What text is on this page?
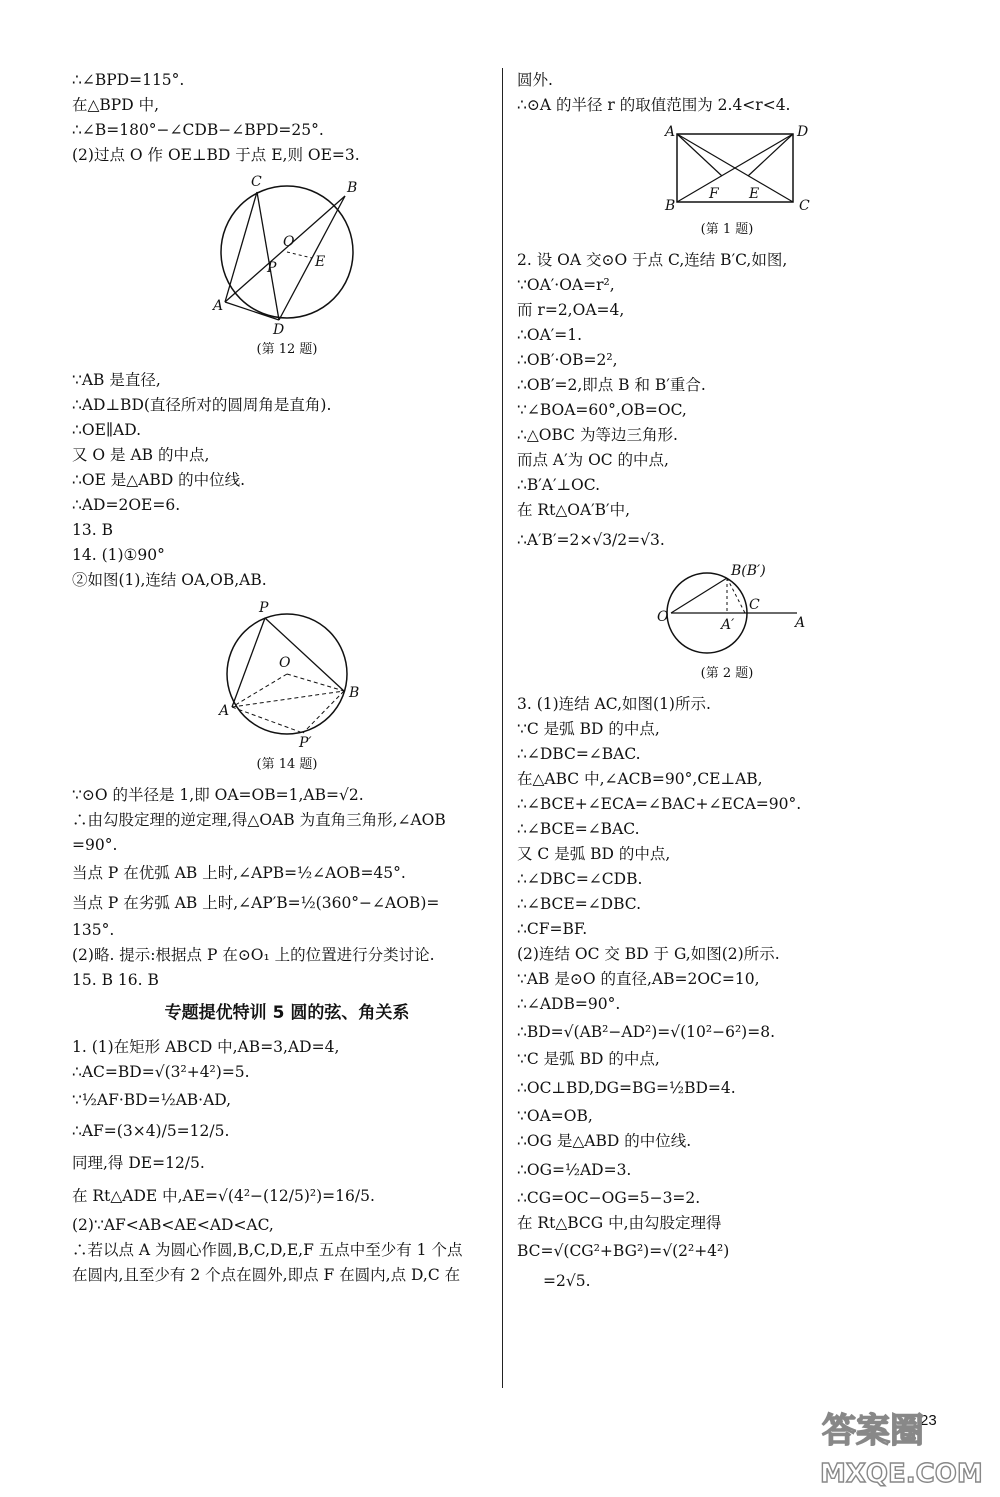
∴∠BPD=115°.
在△BPD 中,
∴∠B=180°−∠CDB−∠BPD=25°.
(2)过点 O 作 OE⊥BD 于点 E,则 OE=3.
C	B
O
P	E
A
D
(第 12 题)
∵AB 是直径,
∴AD⊥BD(直径所对的圆周角是直角).
∴OE∥AD.
又 O 是 AB 的中点,
∴OE 是△ABD 的中位线.
∴AD=2OE=6.
13. B
14. (1)①90°
②如图(1),连结 OA,OB,AB.
P
O
B
A
P′
(第 14 题)
∵⊙O 的半径是 1,即 OA=OB=1,AB=√2.
∴由勾股定理的逆定理,得△OAB 为直角三角形,∠AOB
=90°.
当点 P 在优弧 AB 上时,∠APB=½∠AOB=45°.
当点 P 在劣弧 AB 上时,∠AP′B=½(360°−∠AOB)=
135°.
(2)略. 提示:根据点 P 在⊙O₁ 上的位置进行分类讨论.
15. B 16. B
专题提优特训 5 圆的弦、角关系
1. (1)在矩形 ABCD 中,AB=3,AD=4,
∴AC=BD=√(3²+4²)=5.
∵½AF·BD=½AB·AD,
∴AF=(3×4)/5=12/5.
同理,得 DE=12/5.
在 Rt△ADE 中,AE=√(4²−(12/5)²)=16/5.
(2)∵AF<AB<AE<AD<AC,
∴若以点 A 为圆心作圆,B,C,D,E,F 五点中至少有 1 个点
在圆内,且至少有 2 个点在圆外,即点 F 在圆内,点 D,C 在
圆外.
∴⊙A 的半径 r 的取值范围为 2.4<r<4.
A	D
B
F E
C
(第 1 题)
2. 设 OA 交⊙O 于点 C,连结 B′C,如图,
∵OA′·OA=r²,
而 r=2,OA=4,
∴OA′=1.
∴OB′·OB=2²,
∴OB′=2,即点 B 和 B′重合.
∵∠BOA=60°,OB=OC,
∴△OBC 为等边三角形.
而点 A′为 OC 的中点,
∴B′A′⊥OC.
在 Rt△OA′B′中,
∴A′B′=2×√3/2=√3.
B(B′)
O
C
A′	A
(第 2 题)
3. (1)连结 AC,如图(1)所示.
∵C 是弧 BD 的中点,
∴∠DBC=∠BAC.
在△ABC 中,∠ACB=90°,CE⊥AB,
∴∠BCE+∠ECA=∠BAC+∠ECA=90°.
∴∠BCE=∠BAC.
又 C 是弧 BD 的中点,
∴∠DBC=∠CDB.
∴∠BCE=∠DBC.
∴CF=BF.
(2)连结 OC 交 BD 于 G,如图(2)所示.
∵AB 是⊙O 的直径,AB=2OC=10,
∴∠ADB=90°.
∴BD=√(AB²−AD²)=√(10²−6²)=8.
∵C 是弧 BD 的中点,
∴OC⊥BD,DG=BG=½BD=4.
∵OA=OB,
∴OG 是△ABD 的中位线.
∴OG=½AD=3.
∴CG=OC−OG=5−3=2.
在 Rt△BCG 中,由勾股定理得
BC=√(CG²+BG²)=√(2²+4²)
=2√5.
23
答案圈
MXQE.COM
